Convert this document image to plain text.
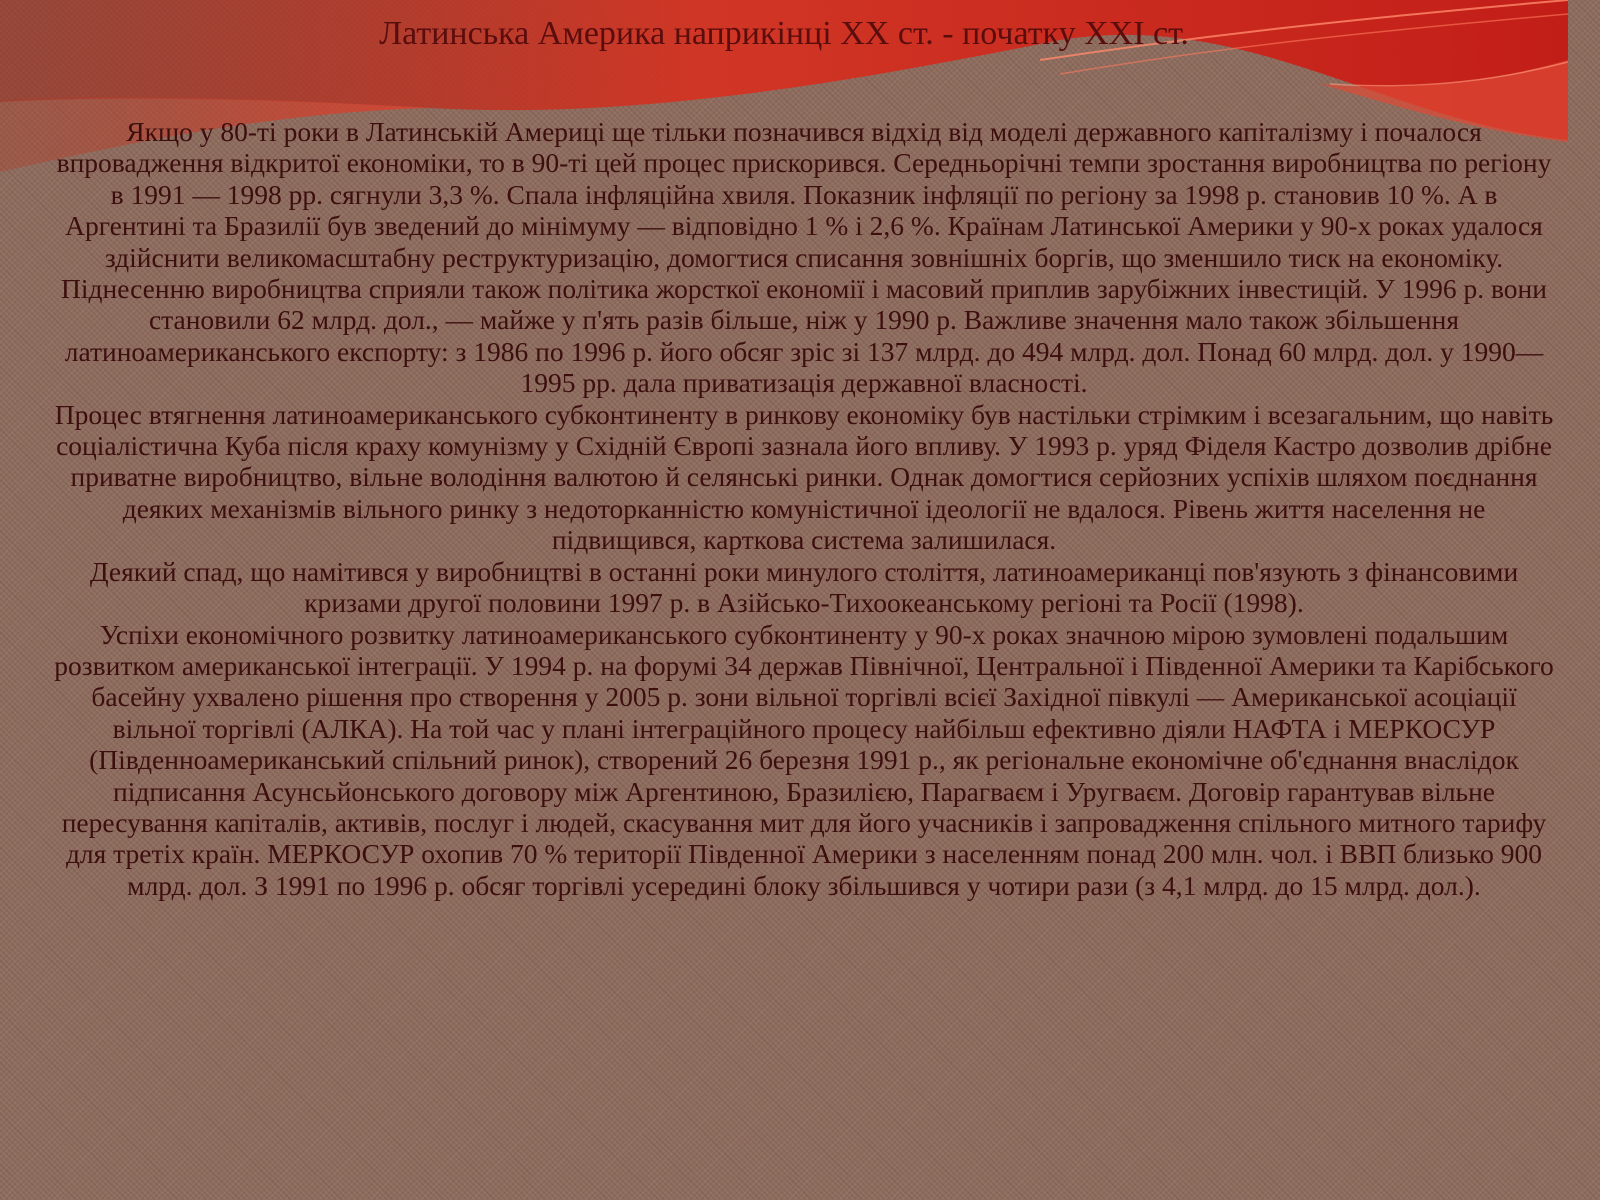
Латинська Америка наприкінці XX ст. - початку XXI ст.

Якщо у 80-ті роки в Латинській Америці ще тільки позначився відхід від моделі державного капіталізму і почалося впровадження відкритої економіки, то в 90-ті цей процес прискорився. Середньорічні темпи зростання виробництва по регіону в 1991 — 1998 рр. сягнули 3,3 %. Спала інфляційна хвиля. Показник інфляції по регіону за 1998 р. становив 10 %. А в Аргентині та Бразилії був зведений до мінімуму — відповідно 1 % і 2,6 %. Країнам Латинської Америки у 90-х роках удалося здійснити великомасштабну реструктуризацію, домогтися списання зовнішніх боргів, що зменшило тиск на економіку. Піднесенню виробництва сприяли також політика жорсткої економії і масовий приплив зарубіжних інвестицій. У 1996 р. вони становили 62 млрд. дол., — майже у п'ять разів більше, ніж у 1990 р. Важливе значення мало також збільшення латиноамериканського експорту: з 1986 по 1996 р. його обсяг зріс зі 137 млрд. до 494 млрд. дол. Понад 60 млрд. дол. у 1990—1995 рр. дала приватизація державної власності.

Процес втягнення латиноамериканського субконтиненту в ринкову економіку був настільки стрімким і всезагальним, що навіть соціалістична Куба після краху комунізму у Східній Європі зазнала його впливу. У 1993 р. уряд Фіделя Кастро дозволив дрібне приватне виробництво, вільне володіння валютою й селянські ринки. Однак домогтися серйозних успіхів шляхом поєднання деяких механізмів вільного ринку з недоторканністю комуністичної ідеології не вдалося. Рівень життя населення не підвищився, карткова система залишилася.

Деякий спад, що намітився у виробництві в останні роки минулого століття, латиноамериканці пов'язують з фінансовими кризами другої половини 1997 р. в Азійсько-Тихоокеанському регіоні та Росії (1998).

Успіхи економічного розвитку латиноамериканського субконтиненту у 90-х роках значною мірою зумовлені подальшим розвитком американської інтеграції. У 1994 р. на форумі 34 держав Північної, Центральної і Південної Америки та Карібського басейну ухвалено рішення про створення у 2005 р. зони вільної торгівлі всієї Західної півкулі — Американської асоціації вільної торгівлі (АЛКА). На той час у плані інтеграційного процесу найбільш ефективно діяли НАФТА і МЕРКОСУР (Південноамериканський спільний ринок), створений 26 березня 1991 р., як регіональне економічне об'єднання внаслідок підписання Асунсьйонського договору між Аргентиною, Бразилією, Парагваєм і Уругваєм. Договір гарантував вільне пересування капіталів, активів, послуг і людей, скасування мит для його учасників і запровадження спільного митного тарифу для третіх країн. МЕРКОСУР охопив 70 % території Південної Америки з населенням понад 200 млн. чол. і ВВП близько 900 млрд. дол. З 1991 по 1996 р. обсяг торгівлі усередині блоку збільшився у чотири рази (з 4,1 млрд. до 15 млрд. дол.).
